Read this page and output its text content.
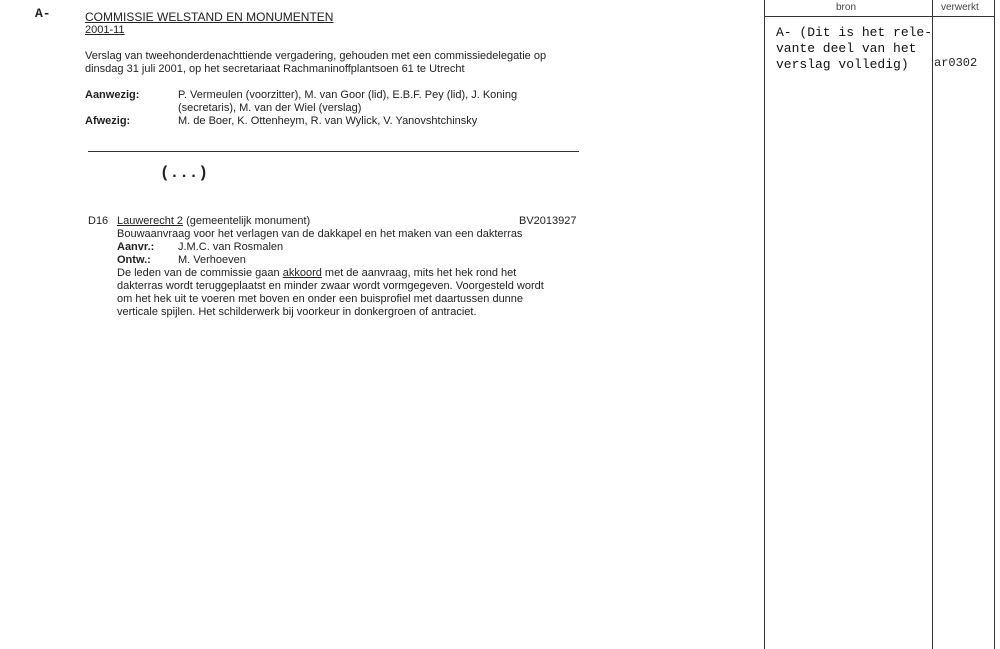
A-	COMMISSIE WELSTAND EN MONUMENTEN
2001-11
Verslag van tweehonderdenachttiende vergadering, gehouden met een commissiedelegatie op
dinsdag 31 juli 2001, op het secretariaat Rachmaninoffplantsoen 61 te Utrecht
Aanwezig:	P. Vermeulen (voorzitter), M. van Goor (lid), E.B.F. Pey (lid), J. Koning
(secretaris), M. van der Wiel (verslag)
Afwezig:	M. de Boer, K. Ottenheym, R. van Wylick, V. Yanovshtchinsky
(...)
D16 Lauwerecht 2 (gemeentelijk monument)	BV2013927
Bouwaanvraag voor het verlagen van de dakkapel en het maken van een dakterras
Aanvr.: J.M.C. van Rosmalen
Ontw.: M. Verhoeven
De leden van de commissie gaan akkoord met de aanvraag, mits het hek rond het
dakterras wordt teruggeplaatst en minder zwaar wordt vormgegeven. Voorgesteld wordt
om het hek uit te voeren met boven en onder een buisprofiel met daartussen dunne
verticale spijlen. Het schilderwerk bij voorkeur in donkergroen of antraciet.
bron	verwerkt
A- (Dit is het rele-
vante deel van het
verslag volledig) ar0302
